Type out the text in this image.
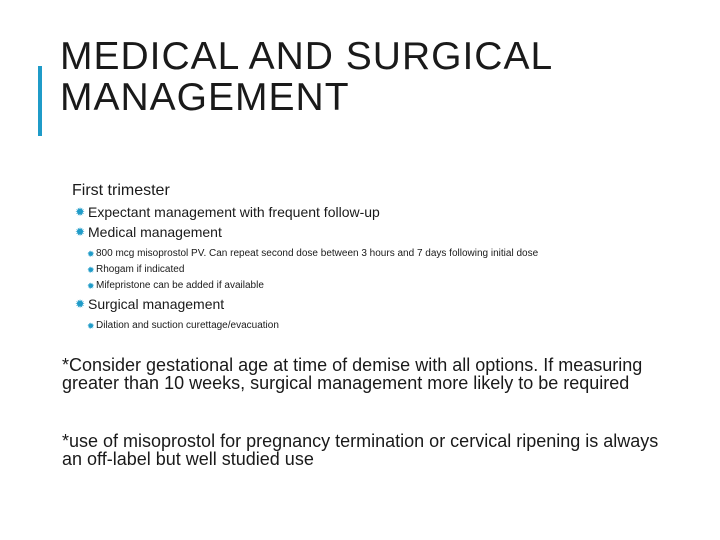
MEDICAL AND SURGICAL MANAGEMENT
First trimester
✹ Expectant management with frequent follow-up
✹ Medical management
✹ 800 mcg misoprostol PV. Can repeat second dose between 3 hours and 7 days following initial dose
✹ Rhogam if indicated
✹ Mifepristone can be added if available
✹ Surgical management
✹ Dilation and suction curettage/evacuation

*Consider gestational age at time of demise with all options. If measuring greater than 10 weeks, surgical management more likely to be required

*use of misoprostol for pregnancy termination or cervical ripening is always an off-label but well studied use
